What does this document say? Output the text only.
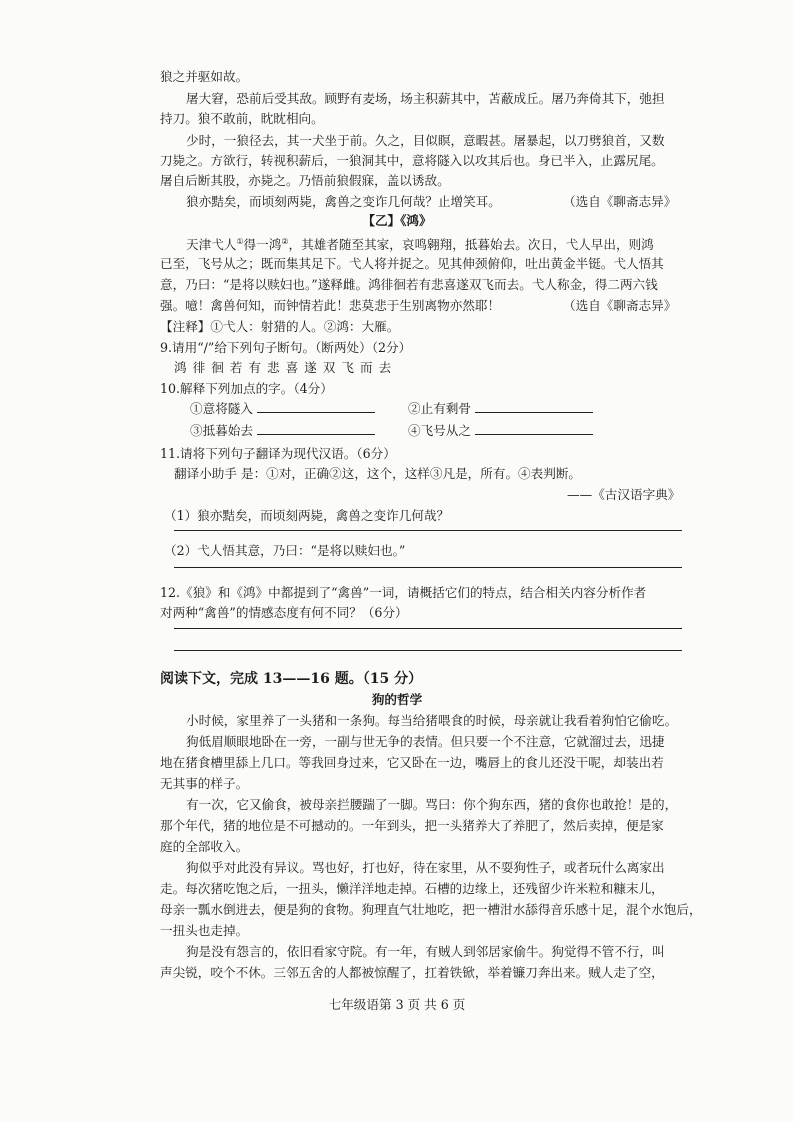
狼之并驱如故。
屠大窘，恐前后受其敌。顾野有麦场，场主积薪其中，苫蔽成丘。屠乃奔倚其下，弛担
持刀。狼不敢前，眈眈相向。
少时，一狼径去，其一犬坐于前。久之，目似瞑，意暇甚。屠暴起，以刀劈狼首，又数
刀毙之。方欲行，转视积薪后，一狼洞其中，意将隧入以攻其后也。身已半入，止露尻尾。
屠自后断其股，亦毙之。乃悟前狼假寐，盖以诱敌。
狼亦黠矣，而顷刻两毙，禽兽之变诈几何哉？止增笑耳。	（选自《聊斋志异》
【乙】《鸿》
天津弋人①得一鸿②，其雄者随至其家，哀鸣翱翔，抵暮始去。次日，弋人早出，则鸿
已至，飞号从之；既而集其足下。弋人将并捉之。见其伸颈俯仰，吐出黄金半铤。弋人悟其
意，乃曰：“是将以赎妇也。”遂释雌。鸿徘徊若有悲喜遂双飞而去。弋人称金，得二两六钱
强。噫！禽兽何知，而钟情若此！悲莫悲于生别离物亦然耶！	（选自《聊斋志异》
【注释】①弋人：射猎的人。②鸿：大雁。
9.请用“/”给下列句子断句。（断两处）（2分）
鸿 徘 徊 若 有 悲 喜 遂 双 飞 而 去
10.解释下列加点的字。（4分）
①意将隧入	②止有剩骨
③抵暮始去	④飞号从之
11.请将下列句子翻译为现代汉语。（6分）
翻译小助手 是：①对，正确②这，这个，这样③凡是，所有。④表判断。
——《古汉语字典》
（1）狼亦黠矣，而顷刻两毙，禽兽之变诈几何哉？
（2）弋人悟其意，乃曰：“是将以赎妇也。”
12.《狼》和《鸿》中都提到了“禽兽”一词，请概括它们的特点，结合相关内容分析作者
对两种“禽兽”的情感态度有何不同？（6分）
阅读下文，完成 13——16 题。（15 分）
狗的哲学
小时候，家里养了一头猪和一条狗。每当给猪喂食的时候，母亲就让我看着狗怕它偷吃。
狗低眉顺眼地卧在一旁，一副与世无争的表情。但只要一个不注意，它就溜过去，迅捷
地在猪食槽里舔上几口。等我回身过来，它又卧在一边，嘴唇上的食儿还没干呢，却装出若
无其事的样子。
有一次，它又偷食，被母亲拦腰踹了一脚。骂曰：你个狗东西，猪的食你也敢抢！是的，
那个年代，猪的地位是不可撼动的。一年到头，把一头猪养大了养肥了，然后卖掉，便是家
庭的全部收入。
狗似乎对此没有异议。骂也好，打也好，待在家里，从不耍狗性子，或者玩什么离家出
走。每次猪吃饱之后，一扭头，懒洋洋地走掉。石槽的边缘上，还残留少许米粒和糠末儿，
母亲一瓢水倒进去，便是狗的食物。狗理直气壮地吃，把一槽泔水舔得音乐感十足，混个水饱后，
一扭头也走掉。
狗是没有怨言的，依旧看家守院。有一年，有贼人到邻居家偷牛。狗觉得不管不行，叫
声尖锐，咬个不休。三邻五舍的人都被惊醒了，扛着铁锨，举着镰刀奔出来。贼人走了空，
七年级语第 3 页 共 6 页
